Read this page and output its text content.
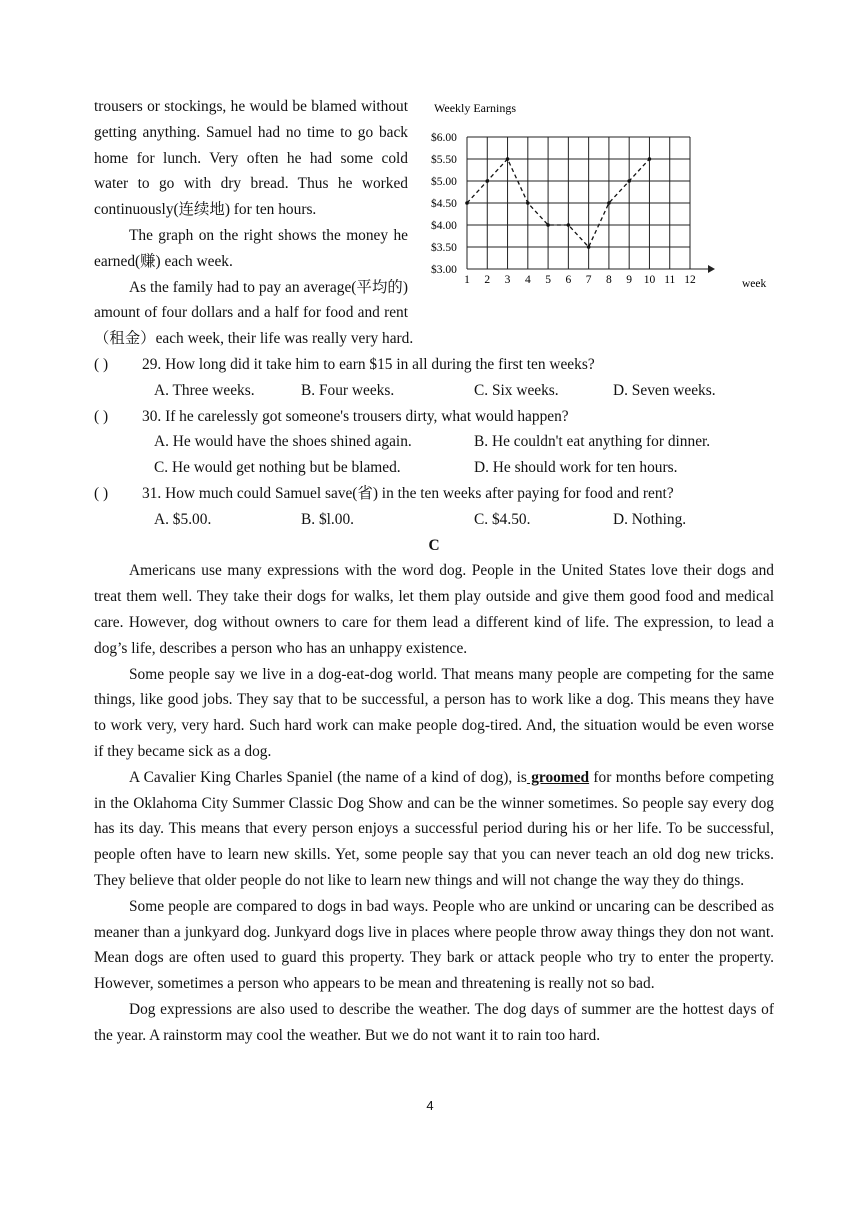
Weekly Earnings
$3.00
$3.50
$4.00
$4.50
$5.00
$5.50
$6.00
1 2 3 4 5 6 7 8 9 10 11 12	week

trousers or stockings, he would be blamed without getting anything. Samuel had no time to go back home for lunch. Very often he had some cold water to go with dry bread. Thus he worked continuously(连续地) for ten hours.

The graph on the right shows the money he earned(赚) each week.

As the family had to pay an average(平均的) amount of four dollars and a half for food and rent（租金）each week, their life was really very hard.

( ) 29. How long did it take him to earn $15 in all during the first ten weeks?
A. Three weeks.	B. Four weeks.	C. Six weeks.	D. Seven weeks.
( ) 30. If he carelessly got someone's trousers dirty, what would happen?
A. He would have the shoes shined again.	B. He couldn't eat anything for dinner.
C. He would get nothing but be blamed.	D. He should work for ten hours.
( ) 31. How much could Samuel save(省) in the ten weeks after paying for food and rent?
A. $5.00.	B. $l.00.	C. $4.50.	D. Nothing.
C

Americans use many expressions with the word dog. People in the United States love their dogs and treat them well. They take their dogs for walks, let them play outside and give them good food and medical care. However, dog without owners to care for them lead a different kind of life. The expression, to lead a dog’s life, describes a person who has an unhappy existence.

Some people say we live in a dog-eat-dog world. That means many people are competing for the same things, like good jobs. They say that to be successful, a person has to work like a dog. This means they have to work very, very hard. Such hard work can make people dog-tired. And, the situation would be even worse if they became sick as a dog.

A Cavalier King Charles Spaniel (the name of a kind of dog), is groomed for months before competing in the Oklahoma City Summer Classic Dog Show and can be the winner sometimes. So people say every dog has its day. This means that every person enjoys a successful period during his or her life. To be successful, people often have to learn new skills. Yet, some people say that you can never teach an old dog new tricks. They believe that older people do not like to learn new things and will not change the way they do things.

Some people are compared to dogs in bad ways. People who are unkind or uncaring can be described as meaner than a junkyard dog. Junkyard dogs live in places where people throw away things they don not want. Mean dogs are often used to guard this property. They bark or attack people who try to enter the property. However, sometimes a person who appears to be mean and threatening is really not so bad.

Dog expressions are also used to describe the weather. The dog days of summer are the hottest days of the year. A rainstorm may cool the weather. But we do not want it to rain too hard.

4
